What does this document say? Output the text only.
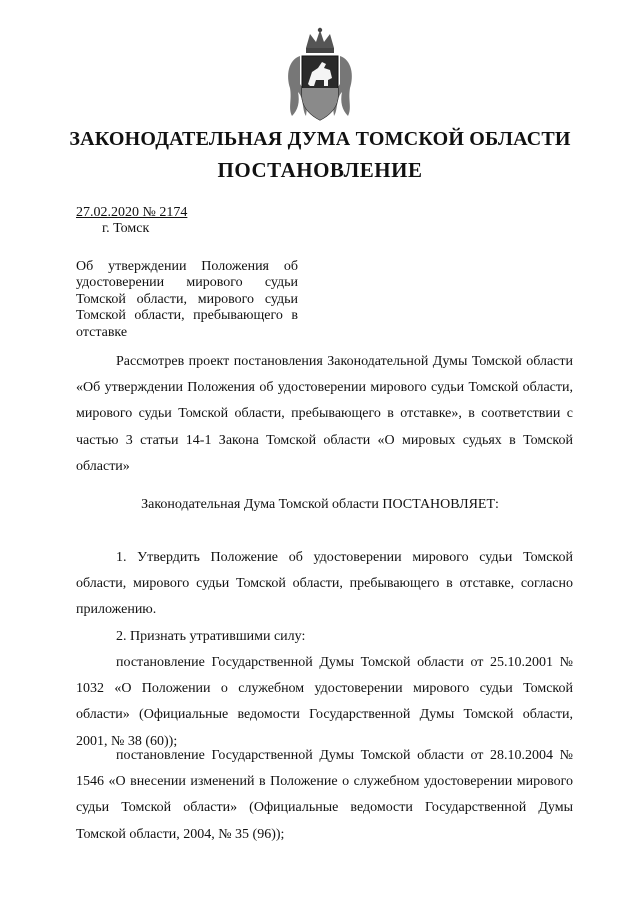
ЗАКОНОДАТЕЛЬНАЯ ДУМА ТОМСКОЙ ОБЛАСТИ
ПОСТАНОВЛЕНИЕ
27.02.2020 № 2174
г. Томск
Об утверждении Положения об удостоверении мирового судьи Томской области, мирового судьи Томской области, пребывающего в отставке

Рассмотрев проект постановления Законодательной Думы Томской области «Об утверждении Положения об удостоверении мирового судьи Томской области, мирового судьи Томской области, пребывающего в отставке», в соответствии с частью 3 статьи 14-1 Закона Томской области «О мировых судьях в Томской области»

Законодательная Дума Томской области ПОСТАНОВЛЯЕТ:

1. Утвердить Положение об удостоверении мирового судьи Томской области, мирового судьи Томской области, пребывающего в отставке, согласно приложению.

2. Признать утратившими силу:

постановление Государственной Думы Томской области от 25.10.2001 № 1032 «О Положении о служебном удостоверении мирового судьи Томской области» (Официальные ведомости Государственной Думы Томской области, 2001, № 38 (60));

постановление Государственной Думы Томской области от 28.10.2004 № 1546 «О внесении изменений в Положение о служебном удостоверении мирового судьи Томской области» (Официальные ведомости Государственной Думы Томской области, 2004, № 35 (96));
